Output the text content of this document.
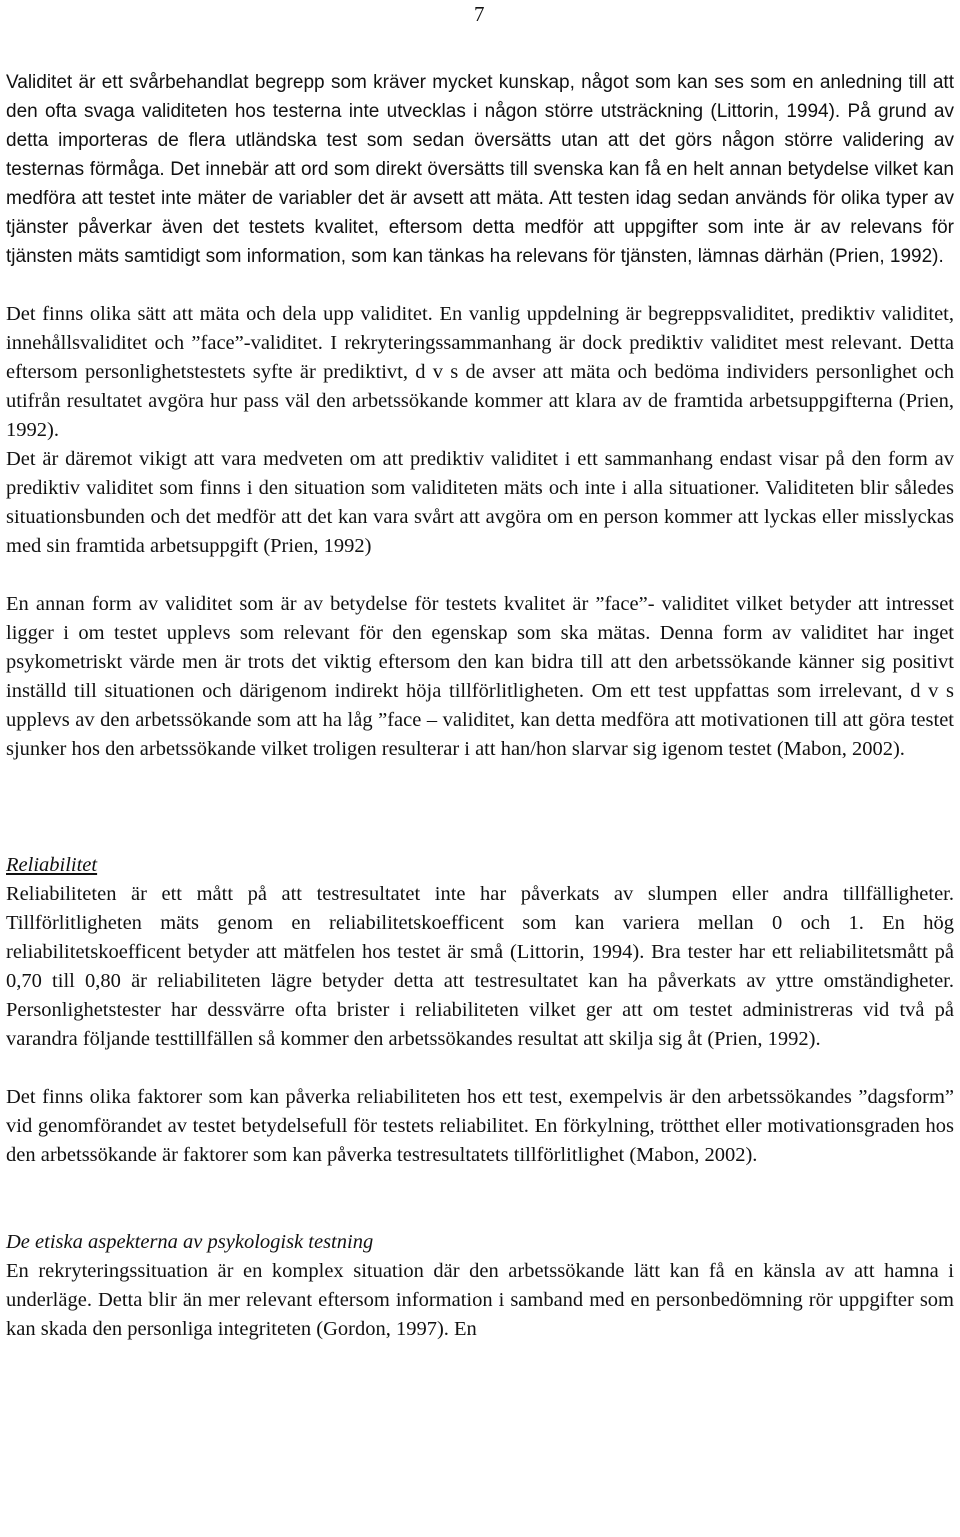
7

Validitet är ett svårbehandlat begrepp som kräver mycket kunskap, något som kan ses som en anledning till att den ofta svaga validiteten hos testerna inte utvecklas i någon större utsträckning (Littorin, 1994). På grund av detta importeras de flera utländska test som sedan översätts utan att det görs någon större validering av testernas förmåga. Det innebär att ord som direkt översätts till svenska kan få en helt annan betydelse vilket kan medföra att testet inte mäter de variabler det är avsett att mäta. Att testen idag sedan används för olika typer av tjänster påverkar även det testets kvalitet, eftersom detta medför att uppgifter som inte är av relevans för tjänsten mäts samtidigt som information, som kan tänkas ha relevans för tjänsten, lämnas därhän (Prien, 1992).

Det finns olika sätt att mäta och dela upp validitet. En vanlig uppdelning är begreppsvaliditet, prediktiv validitet, innehållsvaliditet och ”face”-validitet. I rekryteringssammanhang är dock prediktiv validitet mest relevant. Detta eftersom personlighetstestets syfte är prediktivt, d v s de avser att mäta och bedöma individers personlighet och utifrån resultatet avgöra hur pass väl den arbetssökande kommer att klara av de framtida arbetsuppgifterna (Prien, 1992).

Det är däremot vikigt att vara medveten om att prediktiv validitet i ett sammanhang endast visar på den form av prediktiv validitet som finns i den situation som validiteten mäts och inte i alla situationer. Validiteten blir således situationsbunden och det medför att det kan vara svårt att avgöra om en person kommer att lyckas eller misslyckas med sin framtida arbetsuppgift (Prien, 1992)

En annan form av validitet som är av betydelse för testets kvalitet är ”face”- validitet vilket betyder att intresset ligger i om testet upplevs som relevant för den egenskap som ska mätas. Denna form av validitet har inget psykometriskt värde men är trots det viktig eftersom den kan bidra till att den arbetssökande känner sig positivt inställd till situationen och därigenom indirekt höja tillförlitligheten. Om ett test uppfattas som irrelevant, d v s upplevs av den arbetssökande som att ha låg ”face – validitet, kan detta medföra att motivationen till att göra testet sjunker hos den arbetssökande vilket troligen resulterar i att han/hon slarvar sig igenom testet (Mabon, 2002).

Reliabilitet

Reliabiliteten är ett mått på att testresultatet inte har påverkats av slumpen eller andra tillfälligheter. Tillförlitligheten mäts genom en reliabilitetskoefficent som kan variera mellan 0 och 1. En hög reliabilitetskoefficent betyder att mätfelen hos testet är små (Littorin, 1994). Bra tester har ett reliabilitetsmått på 0,70 till 0,80 är reliabiliteten lägre betyder detta att testresultatet kan ha påverkats av yttre omständigheter. Personlighetstester har dessvärre ofta brister i reliabiliteten vilket ger att om testet administreras vid två på varandra följande testtillfällen så kommer den arbetssökandes resultat att skilja sig åt (Prien, 1992).

Det finns olika faktorer som kan påverka reliabiliteten hos ett test, exempelvis är den arbetssökandes ”dagsform” vid genomförandet av testet betydelsefull för testets reliabilitet. En förkylning, trötthet eller motivationsgraden hos den arbetssökande är faktorer som kan påverka testresultatets tillförlitlighet (Mabon, 2002).

De etiska aspekterna av psykologisk testning

En rekryteringssituation är en komplex situation där den arbetssökande lätt kan få en känsla av att hamna i underläge. Detta blir än mer relevant eftersom information i samband med en personbedömning rör uppgifter som kan skada den personliga integriteten (Gordon, 1997). En
